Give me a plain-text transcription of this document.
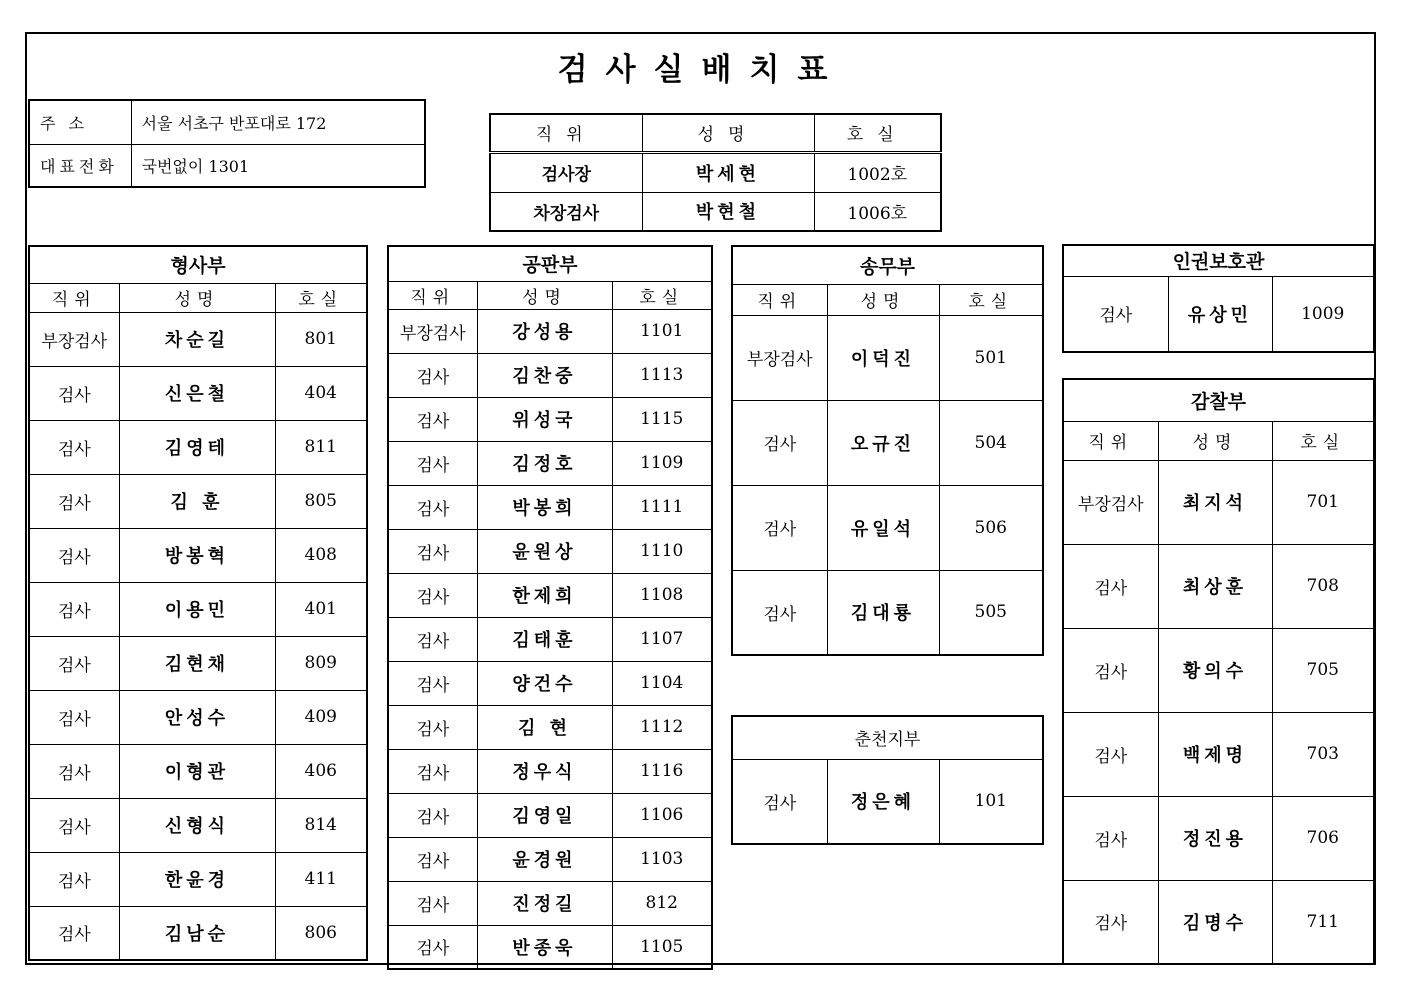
검사실배치표
주 소	서울 서초구 반포대로 172
대표전화	국번없이 1301
직위	성명	호실
검사장	박세현	1002호
차장검사	박현철	1006호
형사부		
직위	성명	호실
부장검사	차순길	801
검사	신은철	404
검사	김영테	811
검사	김 훈	805
검사	방봉혁	408
검사	이용민	401
검사	김현채	809
검사	안성수	409
검사	이형관	406
검사	신형식	814
검사	한윤경	411
검사	김남순	806
공판부		
직위	성명	호실
부장검사	강성용	1101
검사	김찬중	1113
검사	위성국	1115
검사	김정호	1109
검사	박봉희	1111
검사	윤원상	1110
검사	한제희	1108
검사	김태훈	1107
검사	양건수	1104
검사	김 현	1112
검사	정우식	1116
검사	김영일	1106
검사	윤경원	1103
검사	진정길	812
검사	반종욱	1105
송무부		
직위	성명	호실
부장검사	이덕진	501
검사	오규진	504
검사	유일석	506
검사	김대룡	505
춘천지부
검사	정은혜	101
인권보호관
검사	유상민	1009
감찰부		
직위	성명	호실
부장검사	최지석	701
검사	최상훈	708
검사	황의수	705
검사	백제명	703
검사	정진용	706
검사	김명수	711
